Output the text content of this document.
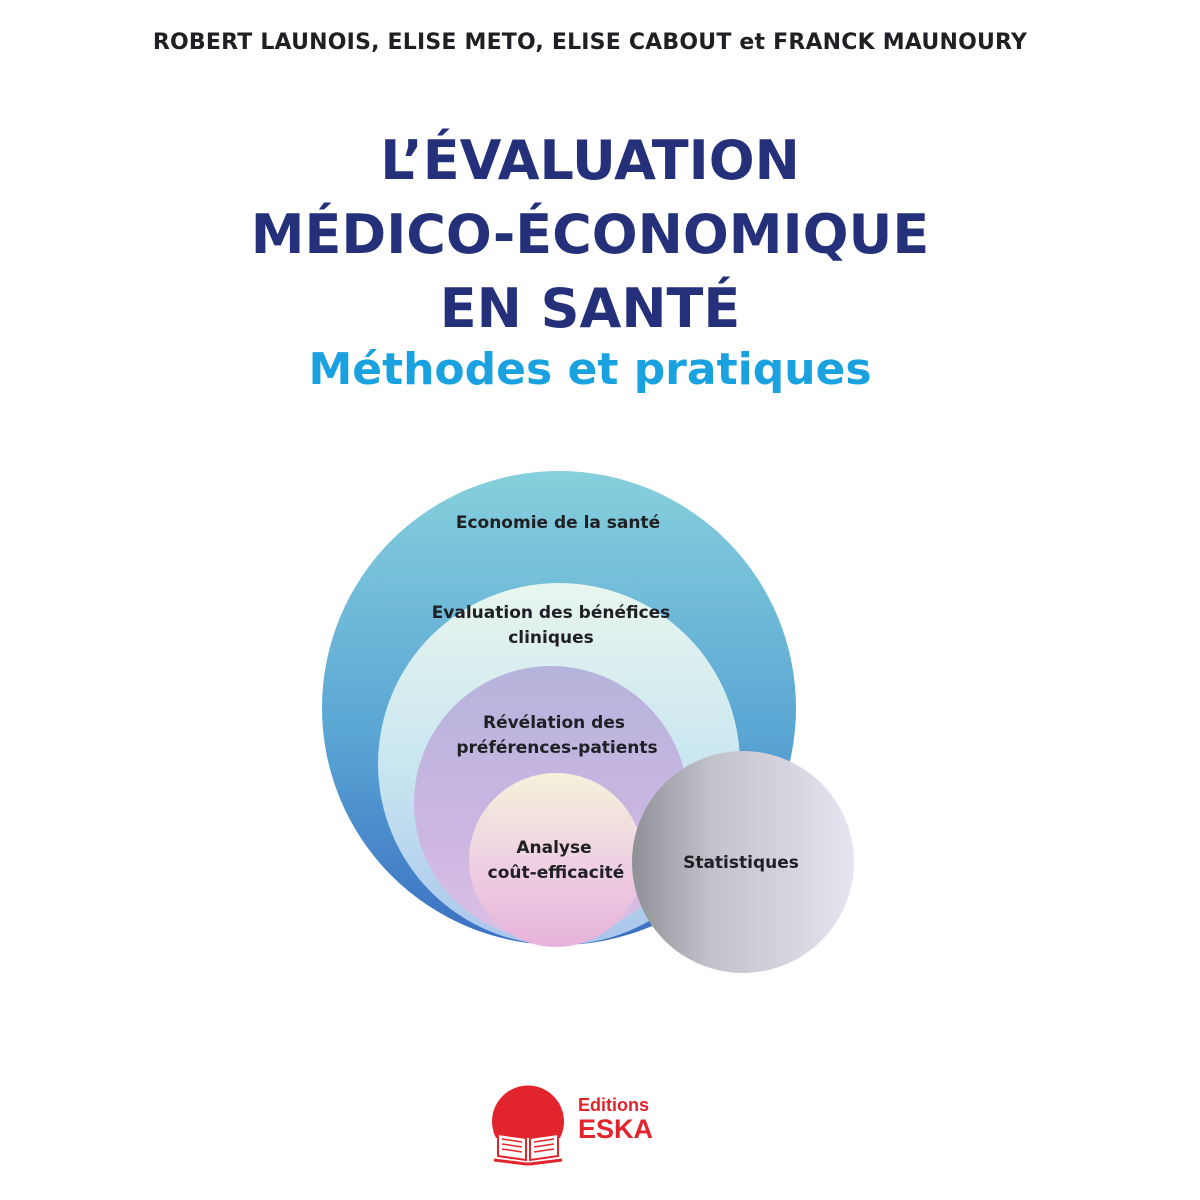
ROBERT LAUNOIS, ELISE METO, ELISE CABOUT et FRANCK MAUNOURY
L’ÉVALUATION
MÉDICO-ÉCONOMIQUE
EN SANTÉ
Méthodes et pratiques
Economie de la santé
Evaluation des bénéfices
cliniques
Révélation des
préférences-patients
Analyse
coût-efficacité	Statistiques
Editions
ESKA
